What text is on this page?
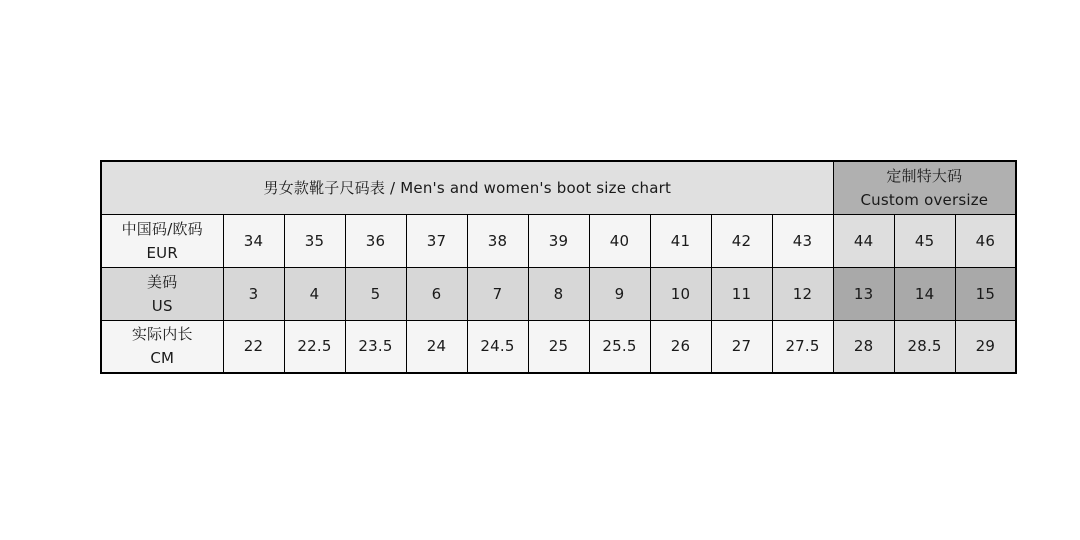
男女款靴子尺码表 / Men's and women's boot size chart											定制特大码
Custom oversize		

中国码/欧码
EUR	34	35	36	37	38	39	40	41	42	43	44	45	46

美码
US	3	4	5	6	7	8	9	10	11	12	13	14	15

实际内长
CM	22	22.5	23.5	24	24.5	25	25.5	26	27	27.5	28	28.5	29
